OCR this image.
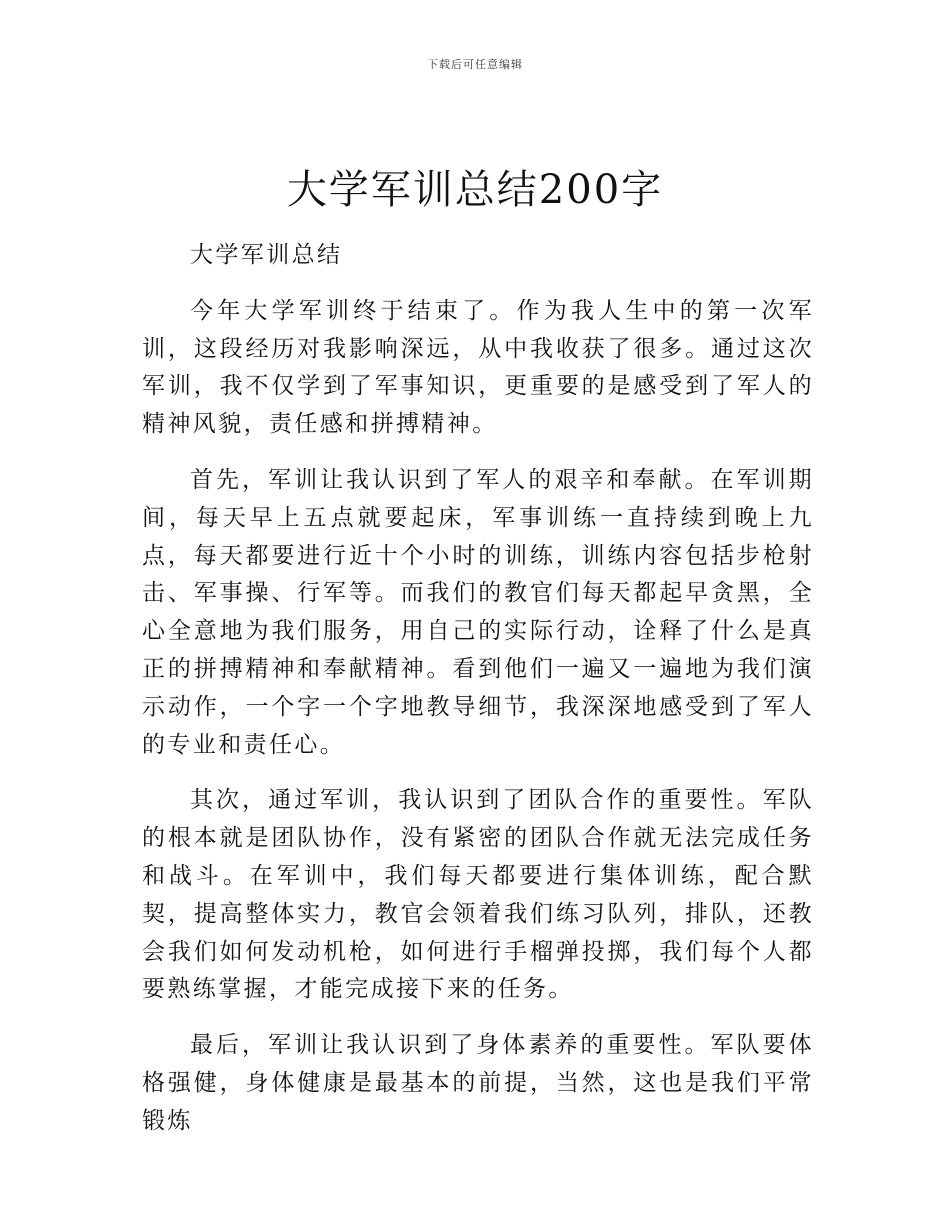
下载后可任意编辑
大学军训总结200字

大学军训总结

今年大学军训终于结束了。作为我人生中的第一次军训，这段经历对我影响深远，从中我收获了很多。通过这次军训，我不仅学到了军事知识，更重要的是感受到了军人的精神风貌，责任感和拼搏精神。

首先，军训让我认识到了军人的艰辛和奉献。在军训期间，每天早上五点就要起床，军事训练一直持续到晚上九点，每天都要进行近十个小时的训练，训练内容包括步枪射击、军事操、行军等。而我们的教官们每天都起早贪黑，全心全意地为我们服务，用自己的实际行动，诠释了什么是真正的拼搏精神和奉献精神。看到他们一遍又一遍地为我们演示动作，一个字一个字地教导细节，我深深地感受到了军人的专业和责任心。

其次，通过军训，我认识到了团队合作的重要性。军队的根本就是团队协作，没有紧密的团队合作就无法完成任务和战斗。在军训中，我们每天都要进行集体训练，配合默契，提高整体实力，教官会领着我们练习队列，排队，还教会我们如何发动机枪，如何进行手榴弹投掷，我们每个人都要熟练掌握，才能完成接下来的任务。

最后，军训让我认识到了身体素养的重要性。军队要体格强健，身体健康是最基本的前提，当然，这也是我们平常锻炼
